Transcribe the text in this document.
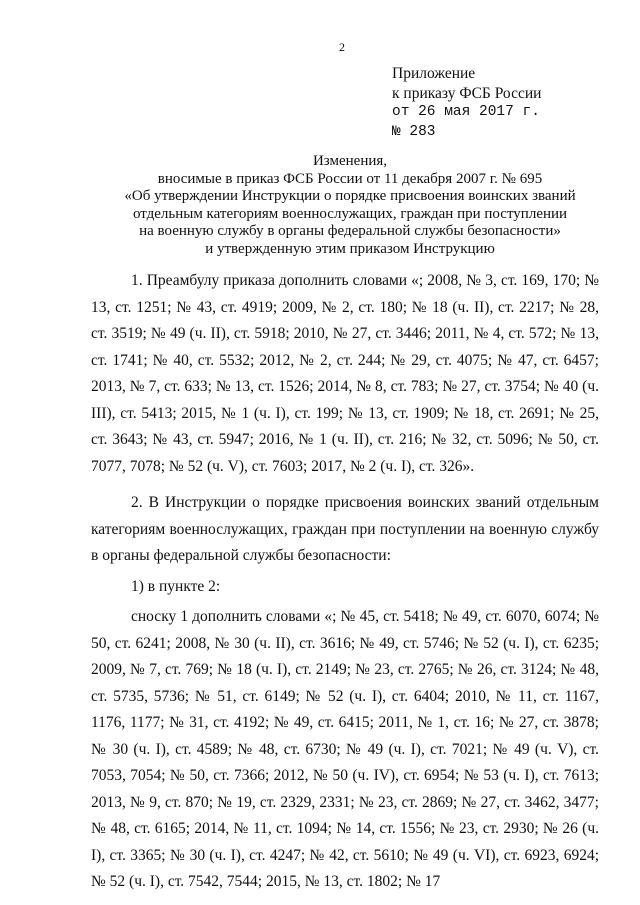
2
Приложение
к приказу ФСБ России
от 26 мая 2017 г.
№ 283
Изменения,
вносимые в приказ ФСБ России от 11 декабря 2007 г. № 695
«Об утверждении Инструкции о порядке присвоения воинских званий
отдельным категориям военнослужащих, граждан при поступлении
на военную службу в органы федеральной службы безопасности»
и утвержденную этим приказом Инструкцию

1. Преамбулу приказа дополнить словами «; 2008, № 3, ст. 169, 170; № 13, ст. 1251; № 43, ст. 4919; 2009, № 2, ст. 180; № 18 (ч. II), ст. 2217; № 28, ст. 3519; № 49 (ч. II), ст. 5918; 2010, № 27, ст. 3446; 2011, № 4, ст. 572; № 13, ст. 1741; № 40, ст. 5532; 2012, № 2, ст. 244; № 29, ст. 4075; № 47, ст. 6457; 2013, № 7, ст. 633; № 13, ст. 1526; 2014, № 8, ст. 783; № 27, ст. 3754; № 40 (ч. III), ст. 5413; 2015, № 1 (ч. I), ст. 199; № 13, ст. 1909; № 18, ст. 2691; № 25, ст. 3643; № 43, ст. 5947; 2016, № 1 (ч. II), ст. 216; № 32, ст. 5096; № 50, ст. 7077, 7078; № 52 (ч. V), ст. 7603; 2017, № 2 (ч. I), ст. 326».

2. В Инструкции о порядке присвоения воинских званий отдельным категориям военнослужащих, граждан при поступлении на военную службу в органы федеральной службы безопасности:

1) в пункте 2:

сноску 1 дополнить словами «; № 45, ст. 5418; № 49, ст. 6070, 6074; № 50, ст. 6241; 2008, № 30 (ч. II), ст. 3616; № 49, ст. 5746; № 52 (ч. I), ст. 6235; 2009, № 7, ст. 769; № 18 (ч. I), ст. 2149; № 23, ст. 2765; № 26, ст. 3124; № 48, ст. 5735, 5736; № 51, ст. 6149; № 52 (ч. I), ст. 6404; 2010, № 11, ст. 1167, 1176, 1177; № 31, ст. 4192; № 49, ст. 6415; 2011, № 1, ст. 16; № 27, ст. 3878; № 30 (ч. I), ст. 4589; № 48, ст. 6730; № 49 (ч. I), ст. 7021; № 49 (ч. V), ст. 7053, 7054; № 50, ст. 7366; 2012, № 50 (ч. IV), ст. 6954; № 53 (ч. I), ст. 7613; 2013, № 9, ст. 870; № 19, ст. 2329, 2331; № 23, ст. 2869; № 27, ст. 3462, 3477; № 48, ст. 6165; 2014, № 11, ст. 1094; № 14, ст. 1556; № 23, ст. 2930; № 26 (ч. I), ст. 3365; № 30 (ч. I), ст. 4247; № 42, ст. 5610; № 49 (ч. VI), ст. 6923, 6924; № 52 (ч. I), ст. 7542, 7544; 2015, № 13, ст. 1802; № 17
